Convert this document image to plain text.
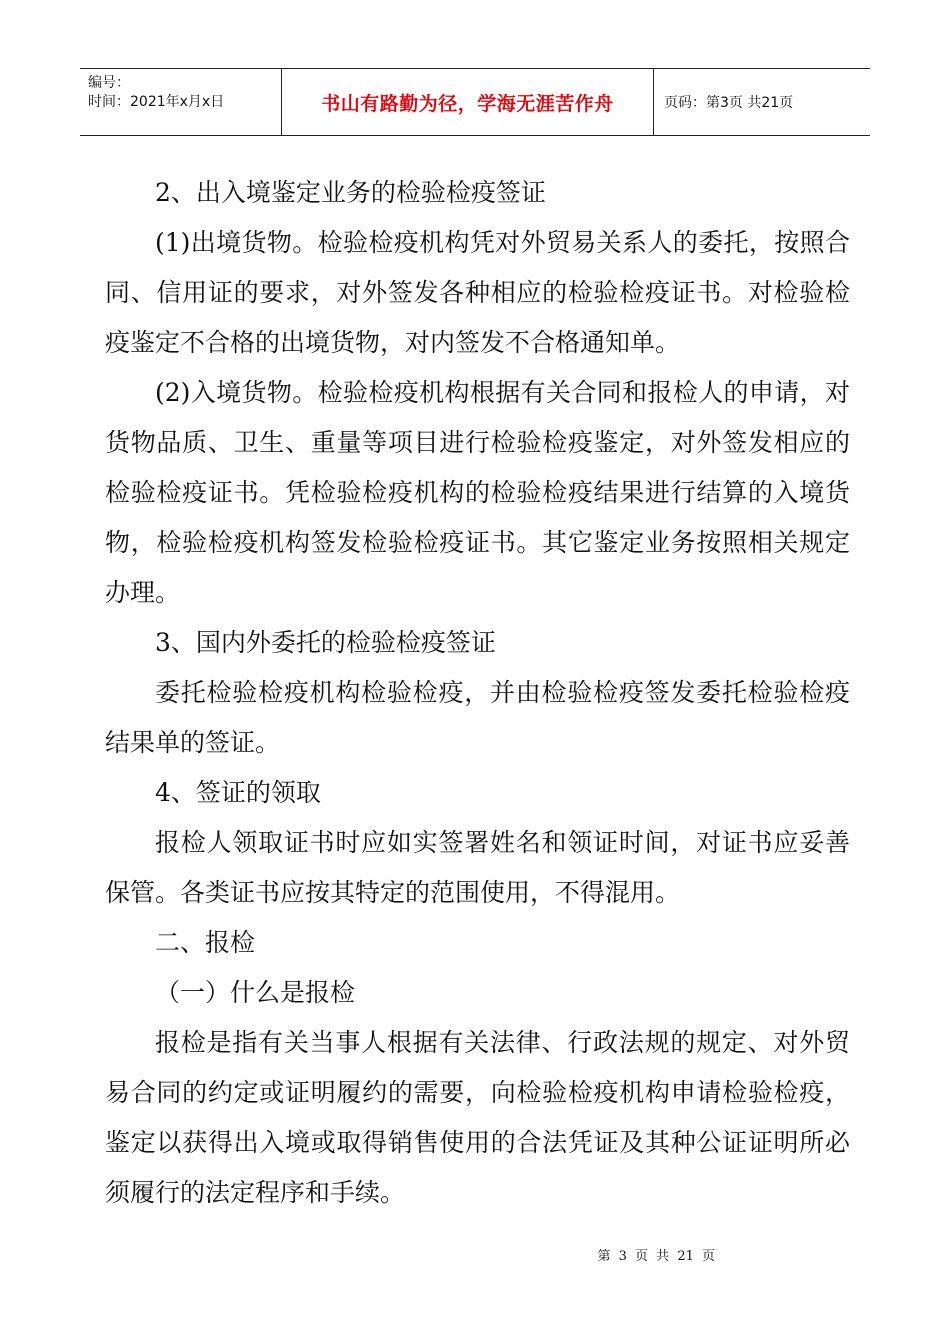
编号：
时间：2021年x月x日	书山有路勤为径，学海无涯苦作舟	页码：第3页 共21页

2、出入境鉴定业务的检验检疫签证

(1)出境货物。检验检疫机构凭对外贸易关系人的委托，按照合同、信用证的要求，对外签发各种相应的检验检疫证书。对检验检疫鉴定不合格的出境货物，对内签发不合格通知单。

(2)入境货物。检验检疫机构根据有关合同和报检人的申请，对货物品质、卫生、重量等项目进行检验检疫鉴定，对外签发相应的检验检疫证书。凭检验检疫机构的检验检疫结果进行结算的入境货物，检验检疫机构签发检验检疫证书。其它鉴定业务按照相关规定办理。

3、国内外委托的检验检疫签证

委托检验检疫机构检验检疫，并由检验检疫签发委托检验检疫结果单的签证。

4、签证的领取

报检人领取证书时应如实签署姓名和领证时间，对证书应妥善保管。各类证书应按其特定的范围使用，不得混用。

二、报检

（一）什么是报检

报检是指有关当事人根据有关法律、行政法规的规定、对外贸易合同的约定或证明履约的需要，向检验检疫机构申请检验检疫，鉴定以获得出入境或取得销售使用的合法凭证及其种公证证明所必须履行的法定程序和手续。

第 3 页 共 21 页
